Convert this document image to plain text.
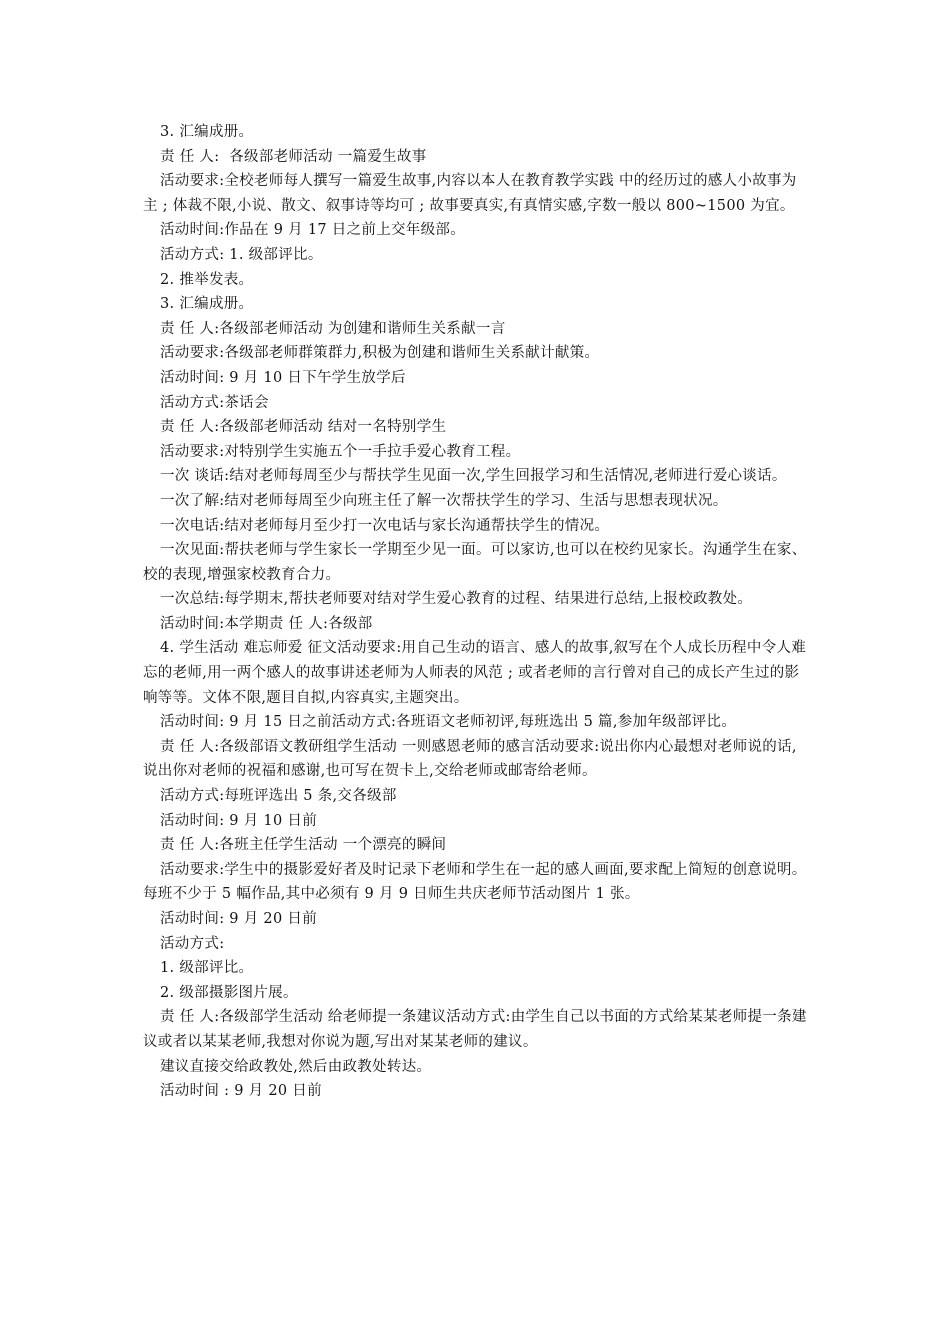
3. 汇编成册。

责 任 人:  各级部老师活动 一篇爱生故事

活动要求:全校老师每人撰写一篇爱生故事,内容以本人在教育教学实践 中的经历过的感人小故事为主 ; 体裁不限,小说、散文、叙事诗等均可 ; 故事要真实,有真情实感,字数一般以 800~1500 为宜。

活动时间:作品在 9 月 17 日之前上交年级部。

活动方式: 1. 级部评比。

2. 推举发表。

3. 汇编成册。

责 任 人:各级部老师活动 为创建和谐师生关系献一言

活动要求:各级部老师群策群力,积极为创建和谐师生关系献计献策。

活动时间: 9 月 10 日下午学生放学后

活动方式:茶话会

责 任 人:各级部老师活动 结对一名特别学生

活动要求:对特别学生实施五个一手拉手爱心教育工程。

一次 谈话:结对老师每周至少与帮扶学生见面一次,学生回报学习和生活情况,老师进行爱心谈话。

一次了解:结对老师每周至少向班主任了解一次帮扶学生的学习、生活与思想表现状况。

一次电话:结对老师每月至少打一次电话与家长沟通帮扶学生的情况。

一次见面:帮扶老师与学生家长一学期至少见一面。可以家访,也可以在校约见家长。沟通学生在家、校的表现,增强家校教育合力。

一次总结:每学期末,帮扶老师要对结对学生爱心教育的过程、结果进行总结,上报校政教处。

活动时间:本学期责 任 人:各级部

4. 学生活动 难忘师爱 征文活动要求:用自己生动的语言、感人的故事,叙写在个人成长历程中令人难忘的老师,用一两个感人的故事讲述老师为人师表的风范 ; 或者老师的言行曾对自己的成长产生过的影响等等。文体不限,题目自拟,内容真实,主题突出。

活动时间: 9 月 15 日之前活动方式:各班语文老师初评,每班选出 5 篇,参加年级部评比。

责 任 人:各级部语文教研组学生活动 一则感恩老师的感言活动要求:说出你内心最想对老师说的话,说出你对老师的祝福和感谢,也可写在贺卡上,交给老师或邮寄给老师。

活动方式:每班评选出 5 条,交各级部

活动时间: 9 月 10 日前

责 任 人:各班主任学生活动 一个漂亮的瞬间

活动要求:学生中的摄影爱好者及时记录下老师和学生在一起的感人画面,要求配上简短的创意说明。每班不少于 5 幅作品,其中必须有 9 月 9 日师生共庆老师节活动图片 1 张。

活动时间: 9 月 20 日前

活动方式:

1. 级部评比。

2. 级部摄影图片展。

责 任 人:各级部学生活动 给老师提一条建议活动方式:由学生自己以书面的方式给某某老师提一条建议或者以某某老师,我想对你说为题,写出对某某老师的建议。

建议直接交给政教处,然后由政教处转达。

活动时间 : 9 月 20 日前
